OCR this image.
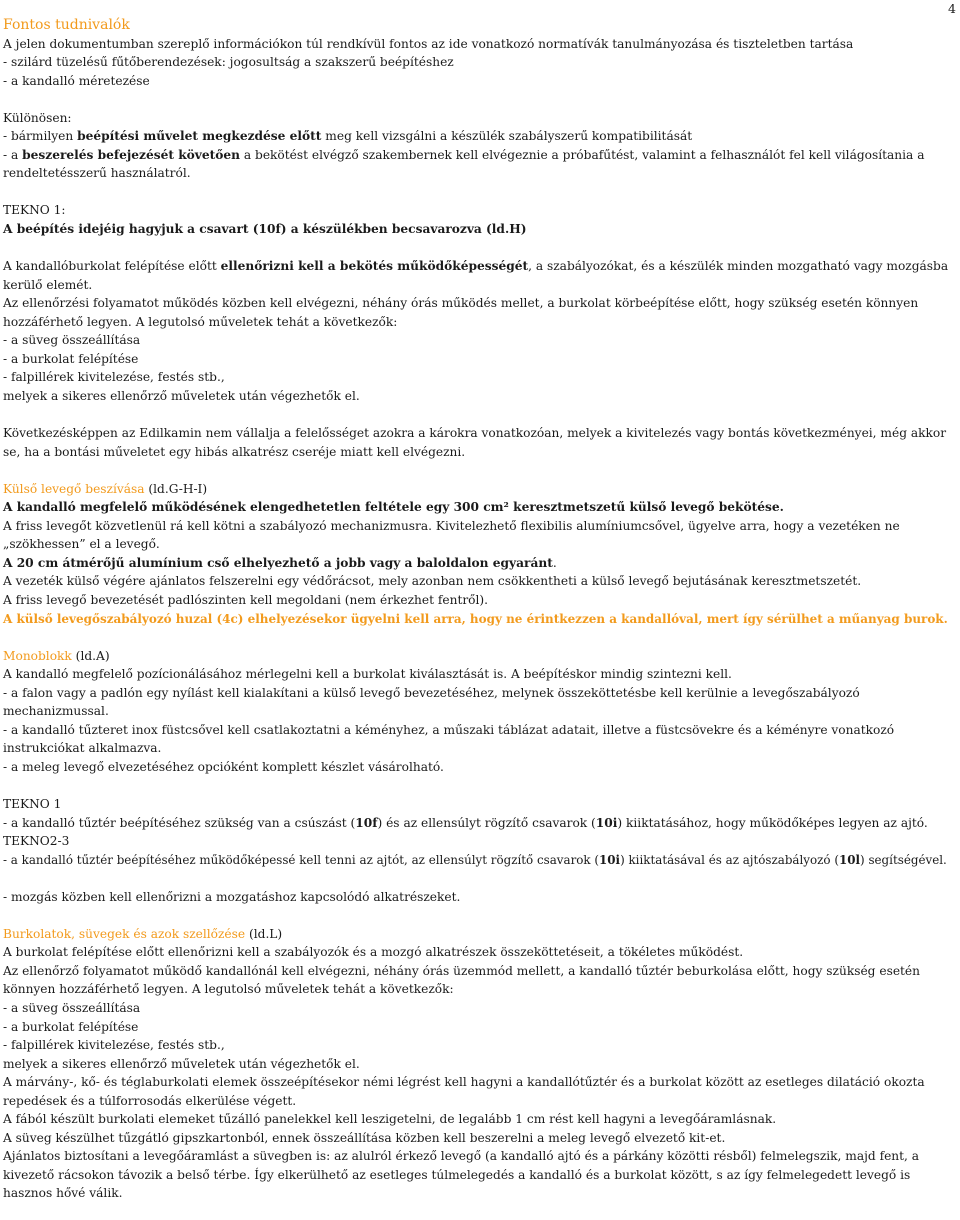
4
Fontos tudnivalók
A jelen dokumentumban szereplő információkon túl rendkívül fontos az ide vonatkozó normatívák tanulmányozása és tiszteletben tartása
- szilárd tüzelésű fűtőberendezések: jogosultság a szakszerű beépítéshez
- a kandalló méretezése
Különösen:
- bármilyen beépítési művelet megkezdése előtt meg kell vizsgálni a készülék szabályszerű kompatibilitását
- a beszerelés befejezését követően a bekötést elvégző szakembernek kell elvégeznie a próbafűtést, valamint a felhasználót fel kell világosítania a rendeltetésszerű használatról.
TEKNO 1:
A beépítés idejéig hagyjuk a csavart (10f) a készülékben becsavarozva (ld.H)
A kandallóburkolat felépítése előtt ellenőrizni kell a bekötés működőképességét, a szabályozókat, és a készülék minden mozgatható vagy mozgásba kerülő elemét.
Az ellenőrzési folyamatot működés közben kell elvégezni, néhány órás működés mellet, a burkolat körbeépítése előtt, hogy szükség esetén könnyen hozzáférhető legyen. A legutolsó műveletek tehát a következők:
- a süveg összeállítása
- a burkolat felépítése
- falpillérek kivitelezése, festés stb.,
melyek a sikeres ellenőrző műveletek után végezhetők el.
Következésképpen az Edilkamin nem vállalja a felelősséget azokra a károkra vonatkozóan, melyek a kivitelezés vagy bontás következményei, még akkor se, ha a bontási műveletet egy hibás alkatrész cseréje miatt kell elvégezni.
Külső levegő beszívása (ld.G-H-I)
A kandalló megfelelő működésének elengedhetetlen feltétele egy 300 cm² keresztmetszetű külső levegő bekötése.
A friss levegőt közvetlenül rá kell kötni a szabályozó mechanizmusra. Kivitelezhető flexibilis alumíniumcsővel, ügyelve arra, hogy a vezetéken ne „szökhessen” el a levegő.
A 20 cm átmérőjű alumínium cső elhelyezhető a jobb vagy a baloldalon egyaránt.
A vezeték külső végére ajánlatos felszerelni egy védőrácsot, mely azonban nem csökkentheti a külső levegő bejutásának keresztmetszetét.
A friss levegő bevezetését padlószinten kell megoldani (nem érkezhet fentről).
A külső levegőszabályozó huzal (4c) elhelyezésekor ügyelni kell arra, hogy ne érintkezzen a kandallóval, mert így sérülhet a műanyag burok.
Monoblokk (ld.A)
A kandalló megfelelő pozícionálásához mérlegelni kell a burkolat kiválasztását is. A beépítéskor mindig szintezni kell.
- a falon vagy a padlón egy nyílást kell kialakítani a külső levegő bevezetéséhez, melynek összeköttetésbe kell kerülnie a levegőszabályozó mechanizmussal.
- a kandalló tűzteret inox füstcsővel kell csatlakoztatni a kéményhez, a műszaki táblázat adatait, illetve a füstcsövekre és a kéményre vonatkozó instrukciókat alkalmazva.
- a meleg levegő elvezetéséhez opcióként komplett készlet vásárolható.
TEKNO 1
- a kandalló tűztér beépítéséhez szükség van a csúszást (10f) és az ellensúlyt rögzítő csavarok (10i) kiiktatásához, hogy működőképes legyen az ajtó.
TEKNO2-3
- a kandalló tűztér beépítéséhez működőképessé kell tenni az ajtót, az ellensúlyt rögzítő csavarok (10i) kiiktatásával és az ajtószabályozó (10l) segítségével.
- mozgás közben kell ellenőrizni a mozgatáshoz kapcsolódó alkatrészeket.
Burkolatok, süvegek és azok szellőzése (ld.L)
A burkolat felépítése előtt ellenőrizni kell a szabályozók és a mozgó alkatrészek összeköttetéseit, a tökéletes működést.
Az ellenőrző folyamatot működő kandallónál kell elvégezni, néhány órás üzemmód mellett, a kandalló tűztér beburkolása előtt, hogy szükség esetén könnyen hozzáférhető legyen. A legutolsó műveletek tehát a következők:
- a süveg összeállítása
- a burkolat felépítése
- falpillérek kivitelezése, festés stb.,
melyek a sikeres ellenőrző műveletek után végezhetők el.
A márvány-, kő- és téglaburkolati elemek összeépítésekor némi légrést kell hagyni a kandallótűztér és a burkolat között az esetleges dilatáció okozta repedések és a túlforrosodás elkerülése végett.
A fából készült burkolati elemeket tűzálló panelekkel kell leszigetelni, de legalább 1 cm rést kell hagyni a levegőáramlásnak.
A süveg készülhet tűzgátló gipszkartonból, ennek összeállítása közben kell beszerelni a meleg levegő elvezető kit-et.
Ajánlatos biztosítani a levegőáramlást a süvegben is: az alulról érkező levegő (a kandalló ajtó és a párkány közötti résből) felmelegszik, majd fent, a kivezető rácsokon távozik a belső térbe. Így elkerülhető az esetleges túlmelegedés a kandalló és a burkolat között, s az így felmelegedett levegő is hasznos hővé válik.
